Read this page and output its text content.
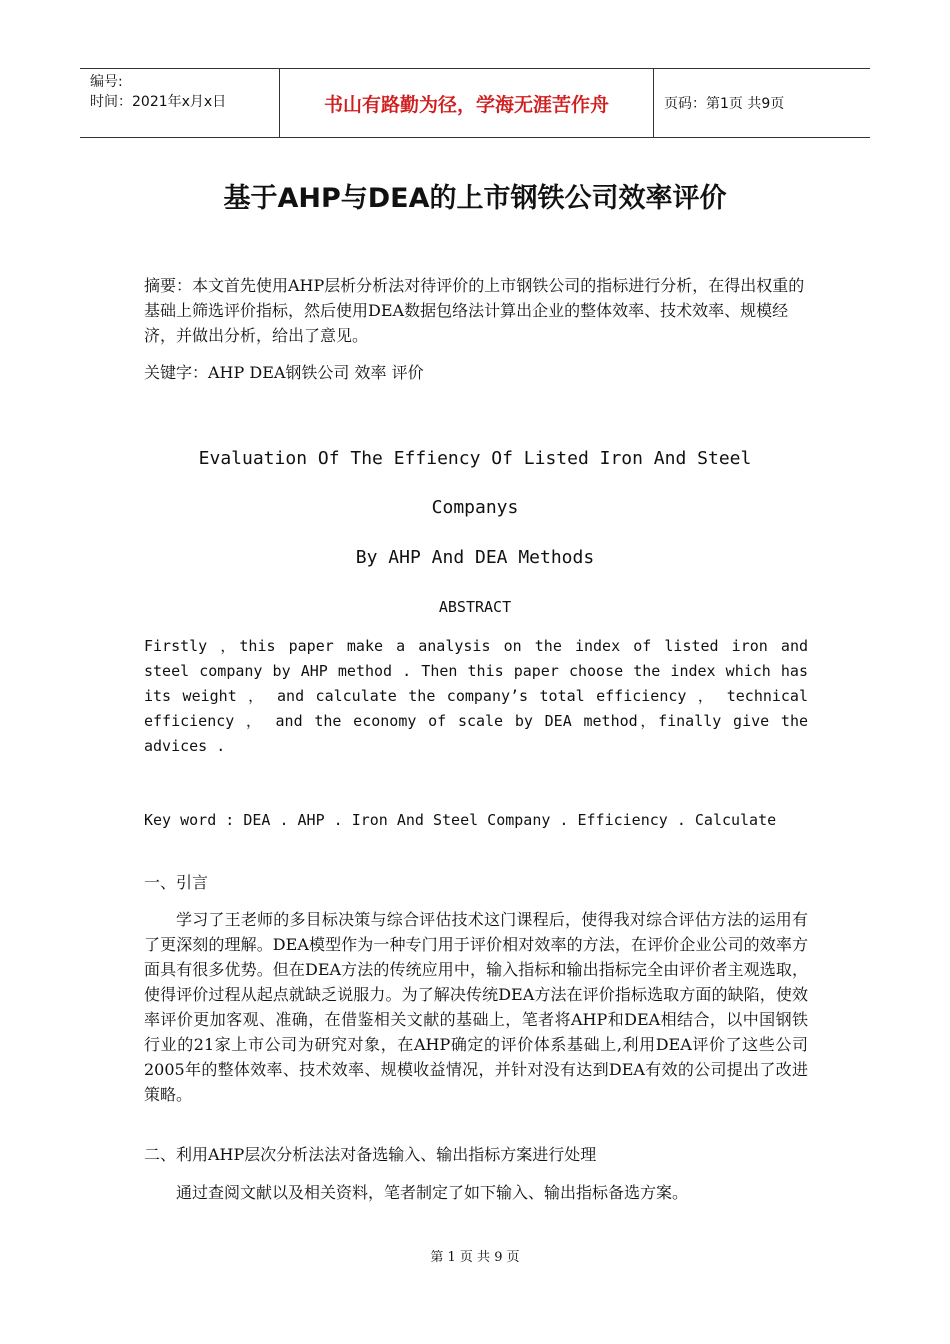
编号:
时间：2021年x月x日	书山有路勤为径，学海无涯苦作舟	页码：第1页 共9页
基于AHP与DEA的上市钢铁公司效率评价
摘要：本文首先使用AHP层析分析法对待评价的上市钢铁公司的指标进行分析，在得出权重的基础上筛选评价指标，然后使用DEA数据包络法计算出企业的整体效率、技术效率、规模经济，并做出分析，给出了意见。
关键字：AHP DEA钢铁公司 效率 评价
Evaluation Of The Effiency Of Listed Iron And Steel
Companys
By AHP And DEA Methods
ABSTRACT
Firstly ，this paper make a analysis on the index of listed iron and steel company by AHP method . Then this paper choose the index which has its weight ， and calculate the company’s total efficiency ， technical efficiency ， and the economy of scale by DEA method，finally give the advices .
Key word : DEA . AHP . Iron And Steel Company . Efficiency . Calculate
一、引言
学习了王老师的多目标决策与综合评估技术这门课程后，使得我对综合评估方法的运用有了更深刻的理解。DEA模型作为一种专门用于评价相对效率的方法，在评价企业公司的效率方面具有很多优势。但在DEA方法的传统应用中，输入指标和输出指标完全由评价者主观选取，使得评价过程从起点就缺乏说服力。为了解决传统DEA方法在评价指标选取方面的缺陷，使效率评价更加客观、准确，在借鉴相关文献的基础上，笔者将AHP和DEA相结合，以中国钢铁行业的21家上市公司为研究对象，在AHP确定的评价体系基础上,利用DEA评价了这些公司2005年的整体效率、技术效率、规模收益情况，并针对没有达到DEA有效的公司提出了改进策略。
二、利用AHP层次分析法法对备选输入、输出指标方案进行处理
通过查阅文献以及相关资料，笔者制定了如下输入、输出指标备选方案。
第 1 页 共 9 页
